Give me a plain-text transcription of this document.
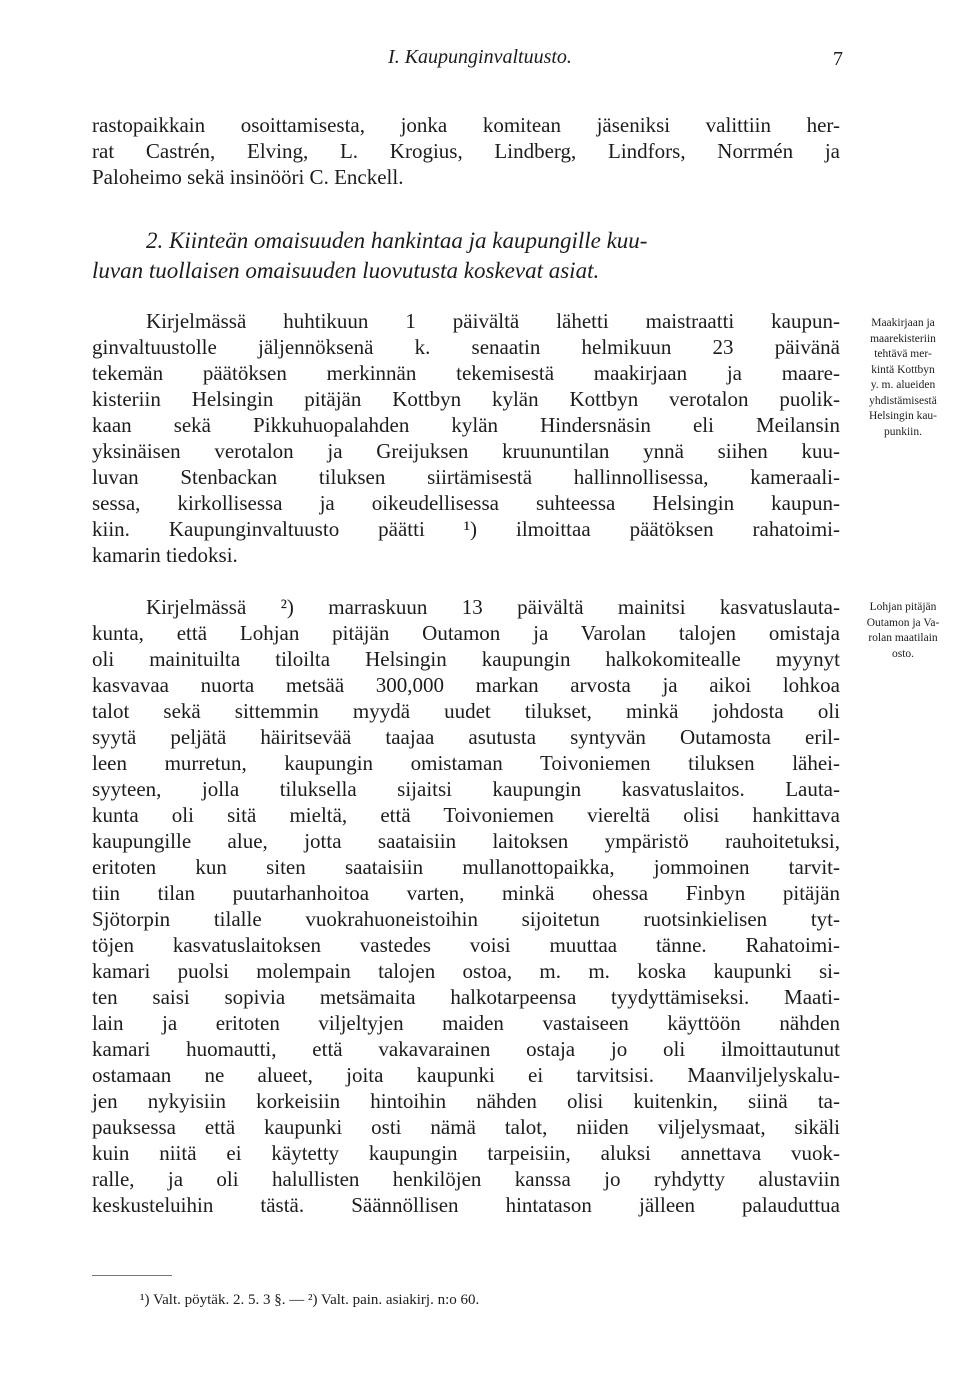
I. Kaupunginvaltuusto.	7
rastopaikkain osoittamisesta, jonka komitean jäseniksi valittiin her-
rat Castrén, Elving, L. Krogius, Lindberg, Lindfors, Norrmén ja
Paloheimo sekä insinööri C. Enckell.
2. Kiinteän omaisuuden hankintaa ja kaupungille kuu-
luvan tuollaisen omaisuuden luovutusta koskevat asiat.
Kirjelmässä huhtikuun 1 päivältä lähetti maistraatti kaupun-
ginvaltuustolle jäljennöksenä k. senaatin helmikuun 23 päivänä
tekemän päätöksen merkinnän tekemisestä maakirjaan ja maare-
kisteriin Helsingin pitäjän Kottbyn kylän Kottbyn verotalon puolik-
kaan sekä Pikkuhuopalahden kylän Hindersnäsin eli Meilansin
yksinäisen verotalon ja Greijuksen kruununtilan ynnä siihen kuu-
luvan Stenbackan tiluksen siirtämisestä hallinnollisessa, kameraali-
sessa, kirkollisessa ja oikeudellisessa suhteessa Helsingin kaupun-
kiin. Kaupunginvaltuusto päätti ¹) ilmoittaa päätöksen rahatoimi-
kamarin tiedoksi.
Kirjelmässä ²) marraskuun 13 päivältä mainitsi kasvatuslauta-
kunta, että Lohjan pitäjän Outamon ja Varolan talojen omistaja
oli mainituilta tiloilta Helsingin kaupungin halkokomitealle myynyt
kasvavaa nuorta metsää 300,000 markan arvosta ja aikoi lohkoa
talot sekä sittemmin myydä uudet tilukset, minkä johdosta oli
syytä peljätä häiritsevää taajaa asutusta syntyvän Outamosta eril-
leen murretun, kaupungin omistaman Toivoniemen tiluksen lähei-
syyteen, jolla tiluksella sijaitsi kaupungin kasvatuslaitos. Lauta-
kunta oli sitä mieltä, että Toivoniemen viereltä olisi hankittava
kaupungille alue, jotta saataisiin laitoksen ympäristö rauhoitetuksi,
eritoten kun siten saataisiin mullanottopaikka, jommoinen tarvit-
tiin tilan puutarhanhoitoa varten, minkä ohessa Finbyn pitäjän
Sjötorpin tilalle vuokrahuoneistoihin sijoitetun ruotsinkielisen tyt-
töjen kasvatuslaitoksen vastedes voisi muuttaa tänne. Rahatoimi-
kamari puolsi molempain talojen ostoa, m. m. koska kaupunki si-
ten saisi sopivia metsämaita halkotarpeensa tyydyttämiseksi. Maati-
lain ja eritoten viljeltyjen maiden vastaiseen käyttöön nähden
kamari huomautti, että vakavarainen ostaja jo oli ilmoittautunut
ostamaan ne alueet, joita kaupunki ei tarvitsisi. Maanviljelyskalu-
jen nykyisiin korkeisiin hintoihin nähden olisi kuitenkin, siinä ta-
pauksessa että kaupunki osti nämä talot, niiden viljelysmaat, sikäli
kuin niitä ei käytetty kaupungin tarpeisiin, aluksi annettava vuok-
ralle, ja oli halullisten henkilöjen kanssa jo ryhdytty alustaviin
keskusteluihin tästä. Säännöllisen hintatason jälleen palauduttua
Maakirjaan ja
maarekisteriin
tehtävä mer-
kintä Kottbyn
y. m. alueiden
yhdistämisestä
Helsingin kau-
punkiin.
Lohjan pitäjän
Outamon ja Va-
rolan maatilain
osto.
¹) Valt. pöytäk. 2. 5. 3 §. — ²) Valt. pain. asiakirj. n:o 60.
